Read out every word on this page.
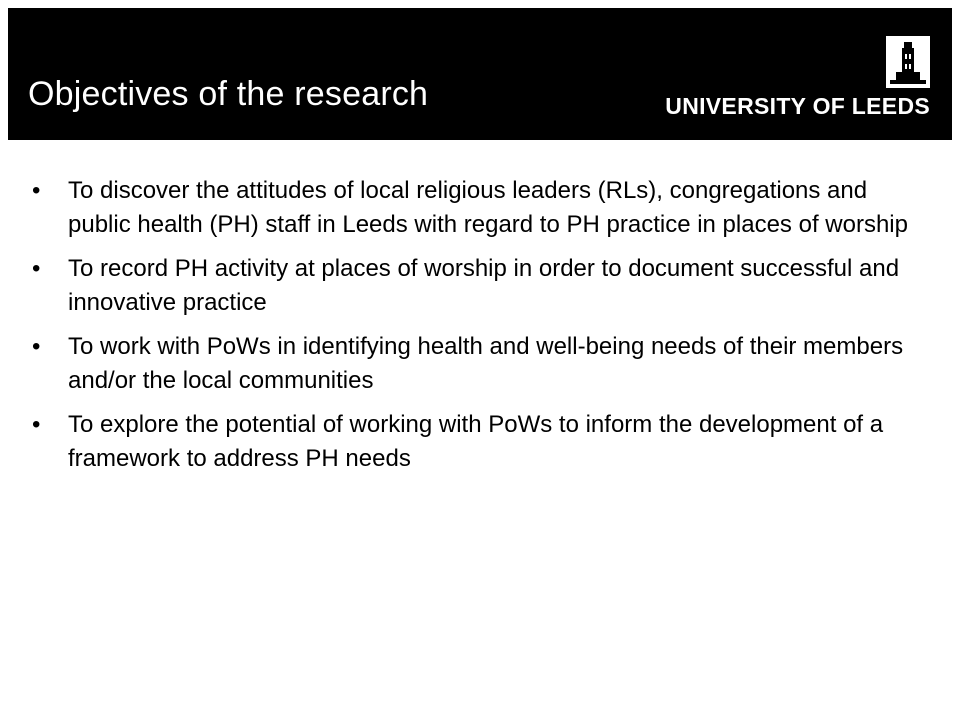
Objectives of the research	UNIVERSITY OF LEEDS
• To discover the attitudes of local religious leaders (RLs), congregations and public health (PH) staff in Leeds with regard to PH practice in places of worship
• To record PH activity at places of worship in order to document successful and innovative practice
• To work with PoWs in identifying health and well-being needs of their members and/or the local communities
• To explore the potential of working with PoWs to inform the development of a framework to address PH needs
